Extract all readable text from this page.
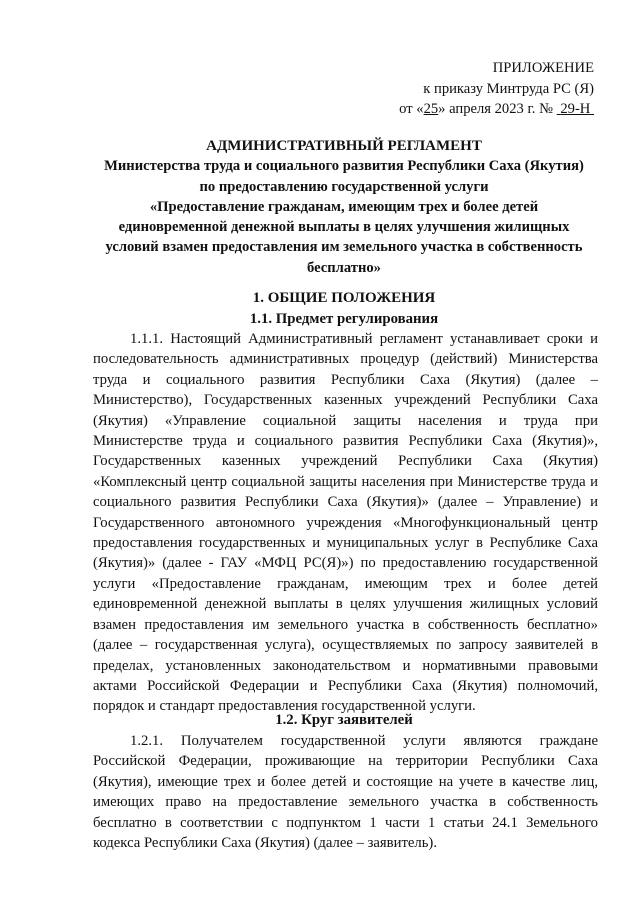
ПРИЛОЖЕНИЕ
к приказу Минтруда РС (Я)
от «25» апреля 2023 г. №  29-Н
АДМИНИСТРАТИВНЫЙ РЕГЛАМЕНТ
Министерства труда и социального развития Республики Саха (Якутия)
по предоставлению государственной услуги
«Предоставление гражданам, имеющим трех и более детей
единовременной денежной выплаты в целях улучшения жилищных
условий взамен предоставления им земельного участка в собственность
бесплатно»
1. ОБЩИЕ ПОЛОЖЕНИЯ
1.1. Предмет регулирования

1.1.1. Настоящий Административный регламент устанавливает сроки и последовательность административных процедур (действий) Министерства труда и социального развития Республики Саха (Якутия) (далее – Министерство), Государственных казенных учреждений Республики Саха (Якутия) «Управление социальной защиты населения и труда при Министерстве труда и социального развития Республики Саха (Якутия)», Государственных казенных учреждений Республики Саха (Якутия) «Комплексный центр социальной защиты населения при Министерстве труда и социального развития Республики Саха (Якутия)» (далее – Управление) и Государственного автономного учреждения «Многофункциональный центр предоставления государственных и муниципальных услуг в Республике Саха (Якутия)» (далее - ГАУ «МФЦ РС(Я)») по предоставлению государственной услуги «Предоставление гражданам, имеющим трех и более детей единовременной денежной выплаты в целях улучшения жилищных условий взамен предоставления им земельного участка в собственность бесплатно» (далее – государственная услуга), осуществляемых по запросу заявителей в пределах, установленных законодательством и нормативными правовыми актами Российской Федерации и Республики Саха (Якутия) полномочий, порядок и стандарт предоставления государственной услуги.

1.2. Круг заявителей

1.2.1. Получателем государственной услуги являются граждане Российской Федерации, проживающие на территории Республики Саха (Якутия), имеющие трех и более детей и состоящие на учете в качестве лиц, имеющих право на предоставление земельного участка в собственность бесплатно в соответствии с подпунктом 1 части 1 статьи 24.1 Земельного кодекса Республики Саха (Якутия) (далее – заявитель).
